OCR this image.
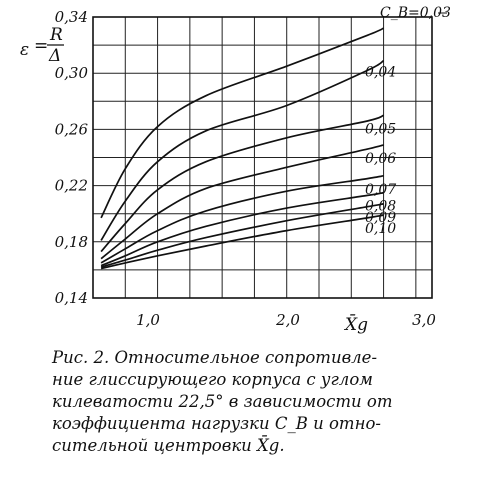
0,14
0,18
0,22
0,26
0,30
0,34
1,0	2,0	3,0
C_B=0,03
0,04
0,05
0,06
0,07
0,08
0,09
0,10
ε =
R
Δ
X̄g

Рис. 2. Относительное сопротивле-
ние глиссирующего корпуса с углом
килеватости 22,5° в зависимости от
коэффициента нагрузки C_B и отно-
сительной центровки X̄g.
